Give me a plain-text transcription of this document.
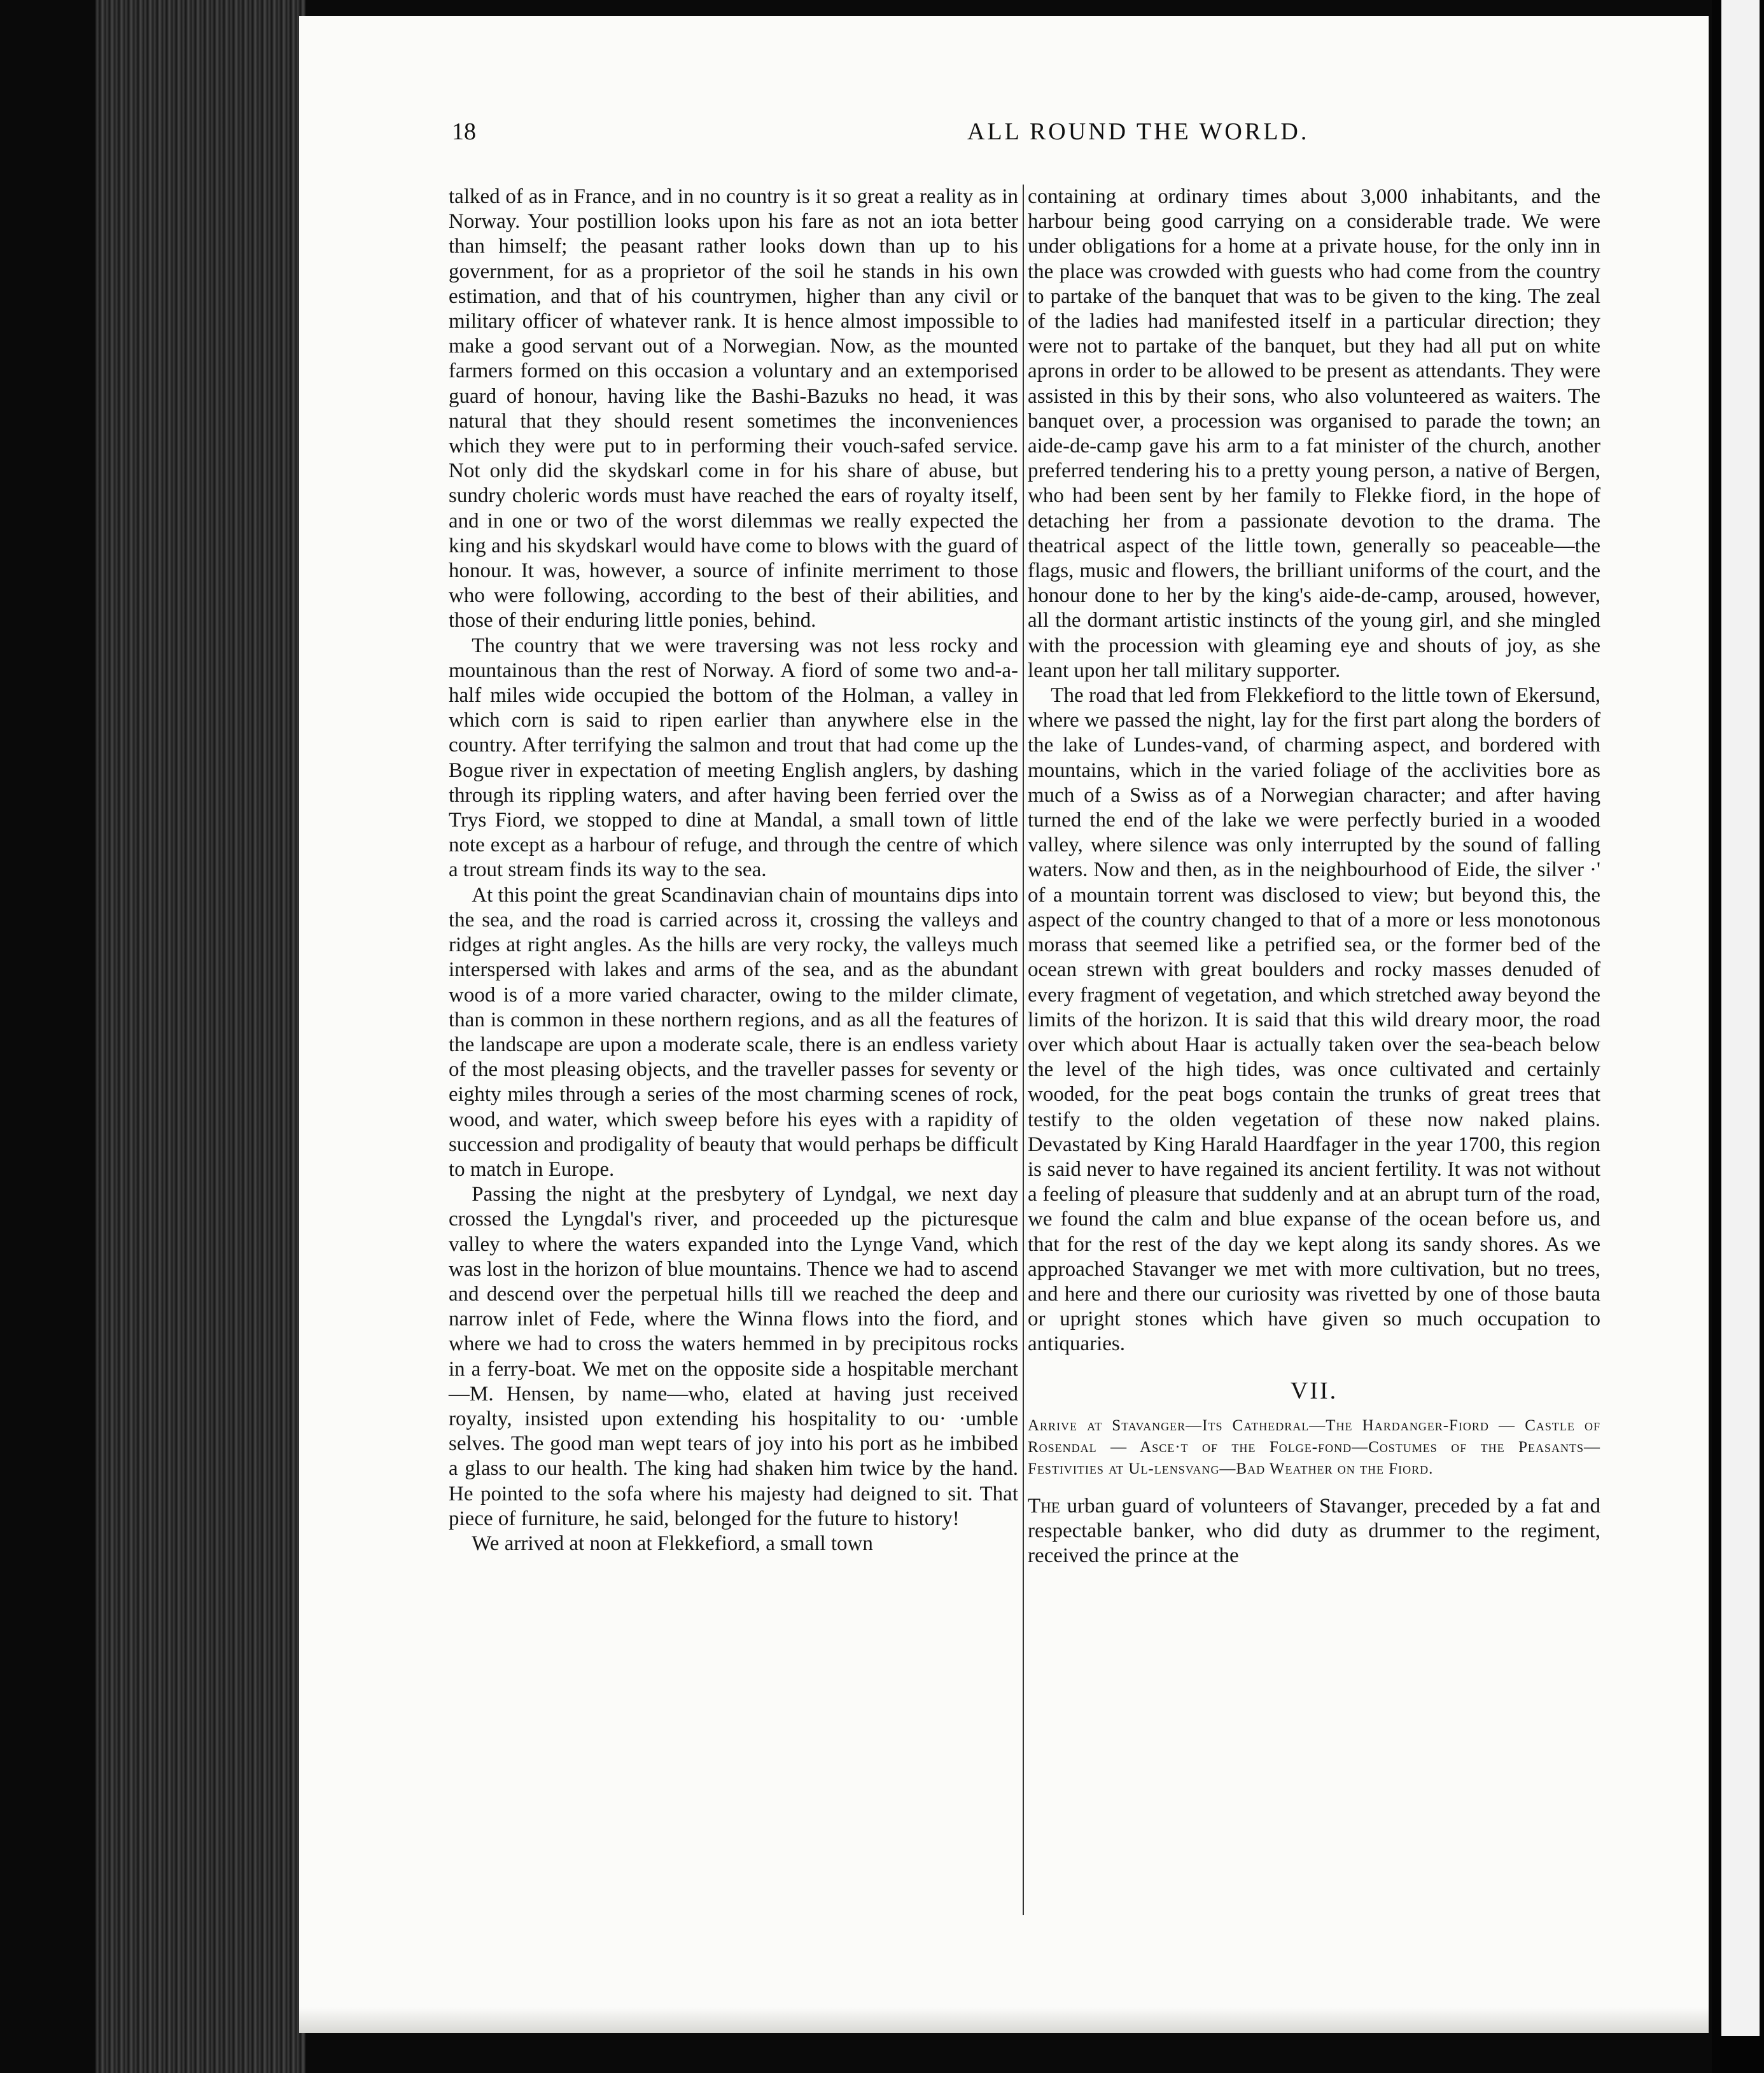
18	ALL ROUND THE WORLD.

talked of as in France, and in no country is it so great a reality as in Norway. Your postillion looks upon his fare as not an iota better than himself; the peasant rather looks down than up to his government, for as a proprietor of the soil he stands in his own estimation, and that of his countrymen, higher than any civil or military officer of whatever rank. It is hence almost impossible to make a good servant out of a Norwegian. Now, as the mounted farmers formed on this occasion a voluntary and an extemporised guard of honour, having like the Bashi-Bazuks no head, it was natural that they should resent sometimes the inconveniences which they were put to in performing their vouch-safed service. Not only did the skydskarl come in for his share of abuse, but sundry choleric words must have reached the ears of royalty itself, and in one or two of the worst dilemmas we really expected the king and his skydskarl would have come to blows with the guard of honour. It was, however, a source of infinite merriment to those who were following, according to the best of their abilities, and those of their enduring little ponies, behind.

The country that we were traversing was not less rocky and mountainous than the rest of Norway. A fiord of some two and-a-half miles wide occupied the bottom of the Holman, a valley in which corn is said to ripen earlier than anywhere else in the country. After terrifying the salmon and trout that had come up the Bogue river in expectation of meeting English anglers, by dashing through its rippling waters, and after having been ferried over the Trys Fiord, we stopped to dine at Mandal, a small town of little note except as a harbour of refuge, and through the centre of which a trout stream finds its way to the sea.

At this point the great Scandinavian chain of mountains dips into the sea, and the road is carried across it, crossing the valleys and ridges at right angles. As the hills are very rocky, the valleys much interspersed with lakes and arms of the sea, and as the abundant wood is of a more varied character, owing to the milder climate, than is common in these northern regions, and as all the features of the landscape are upon a moderate scale, there is an endless variety of the most pleasing objects, and the traveller passes for seventy or eighty miles through a series of the most charming scenes of rock, wood, and water, which sweep before his eyes with a rapidity of succession and prodigality of beauty that would perhaps be difficult to match in Europe.

Passing the night at the presbytery of Lyndgal, we next day crossed the Lyngdal's river, and proceeded up the picturesque valley to where the waters expanded into the Lynge Vand, which was lost in the horizon of blue mountains. Thence we had to ascend and descend over the perpetual hills till we reached the deep and narrow inlet of Fede, where the Winna flows into the fiord, and where we had to cross the waters hemmed in by precipitous rocks in a ferry-boat. We met on the opposite side a hospitable merchant—M. Hensen, by name—who, elated at having just received royalty, insisted upon extending his hospitality to ou· ·umble selves. The good man wept tears of joy into his port as he imbibed a glass to our health. The king had shaken him twice by the hand. He pointed to the sofa where his majesty had deigned to sit. That piece of furniture, he said, belonged for the future to history!

We arrived at noon at Flekkefiord, a small town

containing at ordinary times about 3,000 inhabitants, and the harbour being good carrying on a considerable trade. We were under obligations for a home at a private house, for the only inn in the place was crowded with guests who had come from the country to partake of the banquet that was to be given to the king. The zeal of the ladies had manifested itself in a particular direction; they were not to partake of the banquet, but they had all put on white aprons in order to be allowed to be present as attendants. They were assisted in this by their sons, who also volunteered as waiters. The banquet over, a procession was organised to parade the town; an aide-de-camp gave his arm to a fat minister of the church, another preferred tendering his to a pretty young person, a native of Bergen, who had been sent by her family to Flekke fiord, in the hope of detaching her from a passionate devotion to the drama. The theatrical aspect of the little town, generally so peaceable—the flags, music and flowers, the brilliant uniforms of the court, and the honour done to her by the king's aide-de-camp, aroused, however, all the dormant artistic instincts of the young girl, and she mingled with the procession with gleaming eye and shouts of joy, as she leant upon her tall military supporter.

The road that led from Flekkefiord to the little town of Ekersund, where we passed the night, lay for the first part along the borders of the lake of Lundes-vand, of charming aspect, and bordered with mountains, which in the varied foliage of the acclivities bore as much of a Swiss as of a Norwegian character; and after having turned the end of the lake we were perfectly buried in a wooded valley, where silence was only interrupted by the sound of falling waters. Now and then, as in the neighbourhood of Eide, the silver ·' of a mountain torrent was disclosed to view; but beyond this, the aspect of the country changed to that of a more or less monotonous morass that seemed like a petrified sea, or the former bed of the ocean strewn with great boulders and rocky masses denuded of every fragment of vegetation, and which stretched away beyond the limits of the horizon. It is said that this wild dreary moor, the road over which about Haar is actually taken over the sea-beach below the level of the high tides, was once cultivated and certainly wooded, for the peat bogs contain the trunks of great trees that testify to the olden vegetation of these now naked plains. Devastated by King Harald Haardfager in the year 1700, this region is said never to have regained its ancient fertility. It was not without a feeling of pleasure that suddenly and at an abrupt turn of the road, we found the calm and blue expanse of the ocean before us, and that for the rest of the day we kept along its sandy shores. As we approached Stavanger we met with more cultivation, but no trees, and here and there our curiosity was rivetted by one of those bauta or upright stones which have given so much occupation to antiquaries.

VII.
Arrive at Stavanger—Its Cathedral—The Hardanger-Fiord — Castle of Rosendal — Asce·t of the Folge-fond—Costumes of the Peasants—Festivities at Ul-lensvang—Bad Weather on the Fiord.

The urban guard of volunteers of Stavanger, preceded by a fat and respectable banker, who did duty as drummer to the regiment, received the prince at the
